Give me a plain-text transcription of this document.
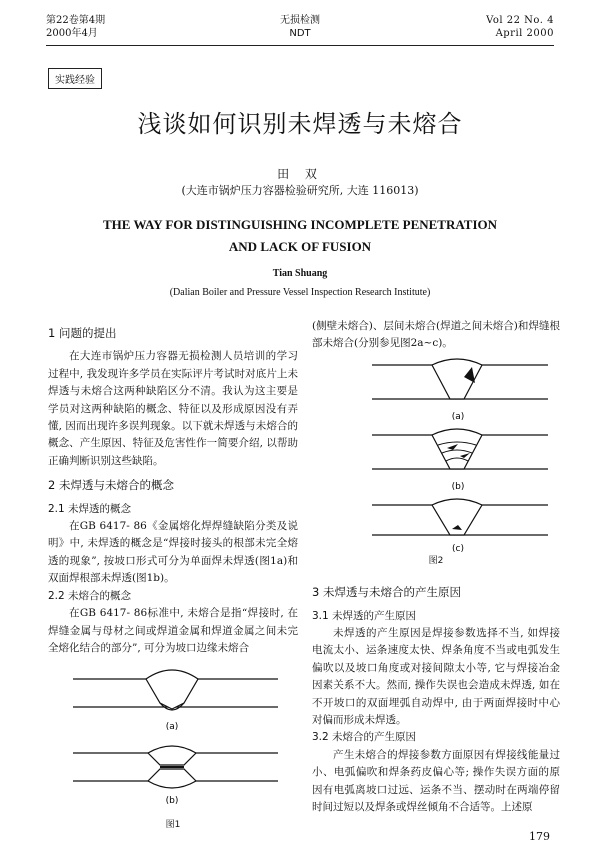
第22卷第4期
2000年4月
无损检测
NDT
Vol 22 No. 4
April 2000
实践经验
浅谈如何识别未焊透与未熔合
田 双
(大连市锅炉压力容器检验研究所, 大连 116013)
THE WAY FOR DISTINGUISHING INCOMPLETE PENETRATION
AND LACK OF FUSION
Tian Shuang
(Dalian Boiler and Pressure Vessel Inspection Research Institute)

1 问题的提出

在大连市锅炉压力容器无损检测人员培训的学习过程中, 我发现许多学员在实际评片考试时对底片上未焊透与未熔合这两种缺陷区分不清。我认为这主要是学员对这两种缺陷的概念、特征以及形成原因没有弄懂, 因而出现许多误判现象。以下就未焊透与未熔合的概念、产生原因、特征及危害性作一简要介绍, 以帮助正确判断识别这些缺陷。

2 未焊透与未熔合的概念

2.1 未焊透的概念

在GB 6417- 86《金属熔化焊焊缝缺陷分类及说明》中, 未焊透的概念是“焊接时接头的根部未完全熔透的现象”, 按坡口形式可分为单面焊未焊透(图1a)和双面焊根部未焊透(图1b)。

2.2 未熔合的概念

在GB 6417- 86标准中, 未熔合是指“焊接时, 在焊缝金属与母材之间或焊道金属和焊道金属之间未完全熔化结合的部分”, 可分为坡口边缘未熔合

(a)
(b)
图1

(侧壁未熔合)、层间未熔合(焊道之间未熔合)和焊缝根部未熔合(分别参见图2a~c)。

(a)
(b)
(c)
图2

3 未焊透与未熔合的产生原因

3.1 未焊透的产生原因

未焊透的产生原因是焊接参数选择不当, 如焊接电流太小、运条速度太快、焊条角度不当或电弧发生偏吹以及坡口角度或对接间隙太小等, 它与焊接冶金因素关系不大。然而, 操作失误也会造成未焊透, 如在不开坡口的双面埋弧自动焊中, 由于两面焊接时中心对偏而形成未焊透。

3.2 未熔合的产生原因

产生未熔合的焊接参数方面原因有焊接线能量过小、电弧偏吹和焊条药皮偏心等; 操作失误方面的原因有电弧离坡口过远、运条不当、摆动时在两端停留时间过短以及焊条或焊丝倾角不合适等。上述原

179
